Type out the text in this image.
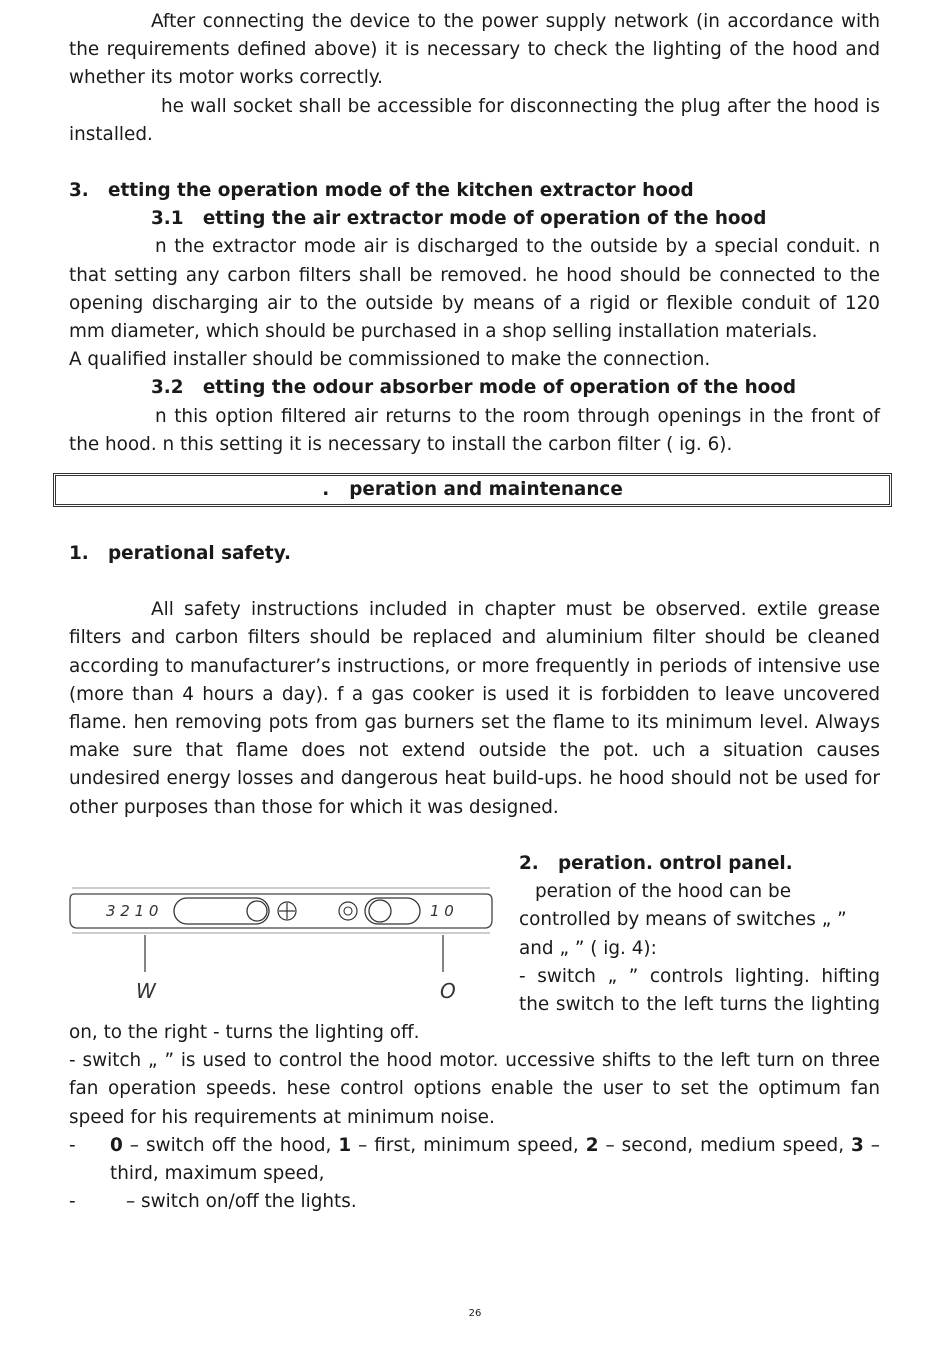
After connecting the device to the power supply network (in accordance with the requirements defined above) it is necessary to check the lighting of the hood and whether its motor works correctly.

he wall socket shall be accessible for disconnecting the plug after the hood is installed.

3. etting the operation mode of the kitchen extractor hood

3.1 etting the air extractor mode of operation of the hood

n the extractor mode air is discharged to the outside by a special conduit. n that setting any carbon filters shall be removed. he hood should be connected to the opening discharging air to the outside by means of a rigid or flexible conduit of 120 mm diameter, which should be purchased in a shop selling installation materials.

A qualified installer should be commissioned to make the connection.

3.2 etting the odour absorber mode of operation of the hood

n this option filtered air returns to the room through openings in the front of the hood. n this setting it is necessary to install the carbon filter ( ig. 6).

. peration and maintenance

1. perational safety.

All safety instructions included in chapter must be observed. extile grease filters and carbon filters should be replaced and aluminium filter should be cleaned according to manufacturer’s instructions, or more frequently in periods of intensive use (more than 4 hours a day). f a gas cooker is used it is forbidden to leave uncovered flame. hen removing pots from gas burners set the flame to its minimum level. Always make sure that flame does not extend outside the pot. uch a situation causes undesired energy losses and dangerous heat build-ups. he hood should not be used for other purposes than those for which it was designed.

3 2 1 0	1 0
W	O

2. peration. ontrol panel.

peration of the hood can be controlled by means of switches „ ” and „ ” ( ig. 4):

- switch „ ” controls lighting. hifting the switch to the left turns the lighting

on, to the right - turns the lighting off.

- switch „ ” is used to control the hood motor. uccessive shifts to the left turn on three fan operation speeds. hese control options enable the user to set the optimum fan speed for his requirements at minimum noise.

-	0 – switch off the hood, 1 – first, minimum speed, 2 – second, medium speed, 3 – third, maximum speed,
-	– switch on/off the lights.
26
